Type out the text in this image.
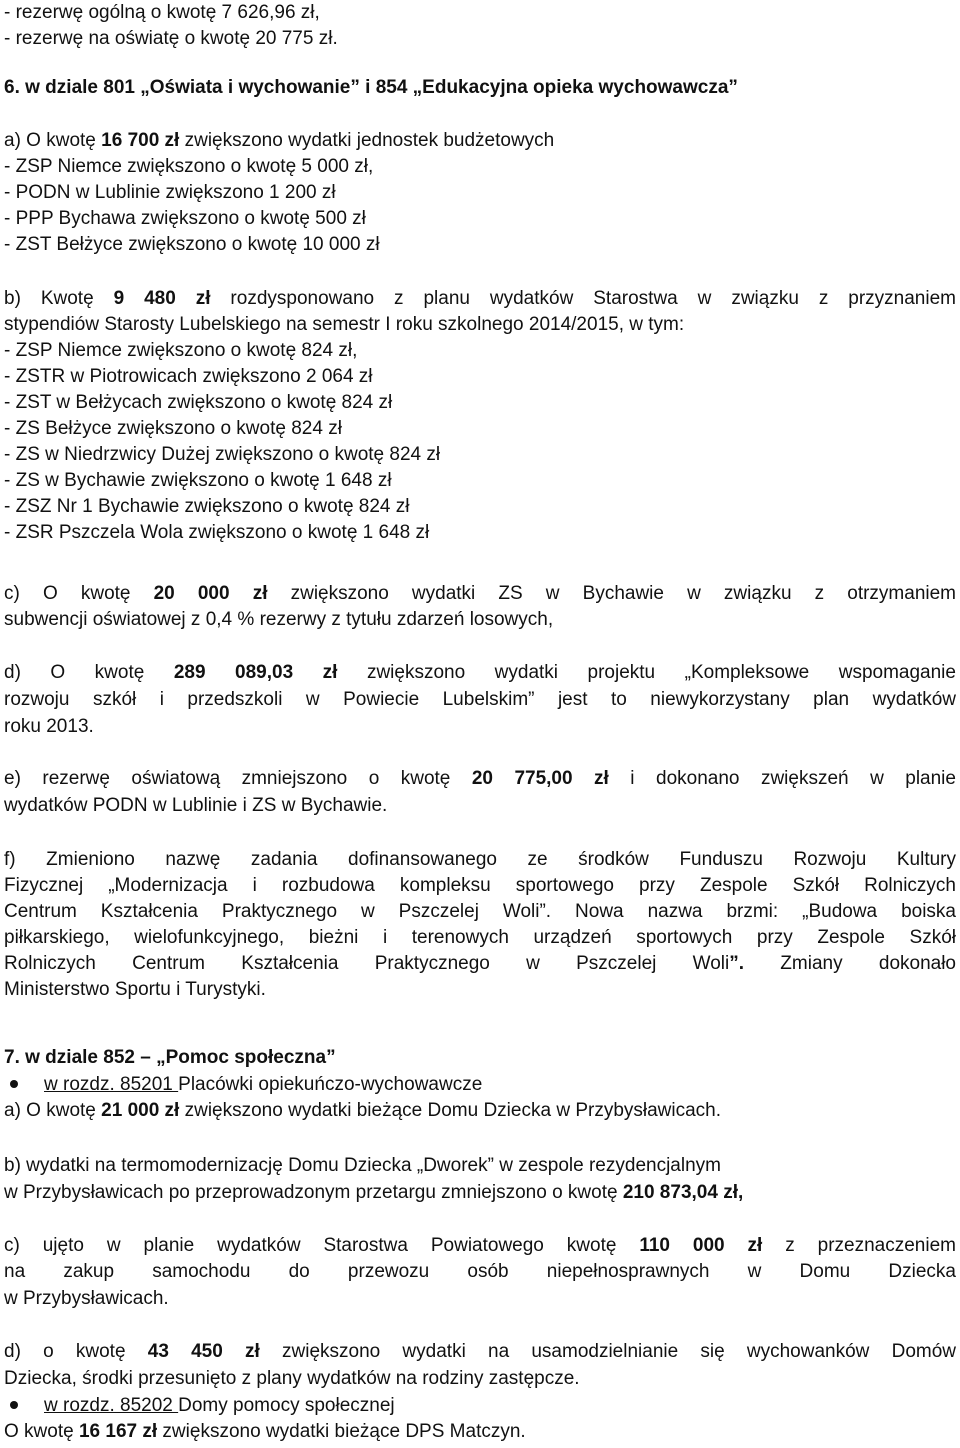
- rezerwę ogólną o kwotę 7 626,96 zł,
- rezerwę na oświatę o kwotę 20 775 zł.
6. w dziale 801 „Oświata i wychowanie” i 854 „Edukacyjna opieka wychowawcza”
a) O kwotę 16 700 zł zwiększono wydatki jednostek budżetowych
- ZSP Niemce zwiększono o kwotę 5 000 zł,
- PODN w Lublinie zwiększono 1 200 zł
- PPP Bychawa zwiększono o kwotę 500 zł
- ZST Bełżyce zwiększono o kwotę 10 000 zł
b) Kwotę 9 480 zł rozdysponowano z planu wydatków Starostwa w związku z przyznaniem
stypendiów Starosty Lubelskiego na semestr I roku szkolnego 2014/2015, w tym:
- ZSP Niemce zwiększono o kwotę 824 zł,
- ZSTR w Piotrowicach zwiększono 2 064 zł
- ZST w Bełżycach zwiększono o kwotę 824 zł
- ZS Bełżyce zwiększono o kwotę 824 zł
- ZS w Niedrzwicy Dużej zwiększono o kwotę 824 zł
- ZS w Bychawie zwiększono o kwotę 1 648 zł
- ZSZ Nr 1 Bychawie zwiększono o kwotę 824 zł
- ZSR Pszczela Wola zwiększono o kwotę 1 648 zł
c) O kwotę 20 000 zł zwiększono wydatki ZS w Bychawie w związku z otrzymaniem
subwencji oświatowej z 0,4 % rezerwy z tytułu zdarzeń losowych,
d) O kwotę 289 089,03 zł zwiększono wydatki projektu „Kompleksowe wspomaganie
rozwoju szkół i przedszkoli w Powiecie Lubelskim” jest to niewykorzystany plan wydatków
roku 2013.
e) rezerwę oświatową zmniejszono o kwotę 20 775,00 zł i dokonano zwiększeń w planie
wydatków PODN w Lublinie i ZS w Bychawie.
f) Zmieniono nazwę zadania dofinansowanego ze środków Funduszu Rozwoju Kultury
Fizycznej „Modernizacja i rozbudowa kompleksu sportowego przy Zespole Szkół Rolniczych
Centrum Kształcenia Praktycznego w Pszczelej Woli”. Nowa nazwa brzmi: „Budowa boiska
piłkarskiego, wielofunkcyjnego, bieżni i terenowych urządzeń sportowych przy Zespole Szkół
Rolniczych Centrum Kształcenia Praktycznego w Pszczelej Woli”. Zmiany dokonało
Ministerstwo Sportu i Turystyki.
7. w dziale 852 – „Pomoc społeczna”
w rozdz. 85201 Placówki opiekuńczo-wychowawcze
a) O kwotę 21 000 zł zwiększono wydatki bieżące Domu Dziecka w Przybysławicach.
b) wydatki na termomodernizację Domu Dziecka „Dworek” w zespole rezydencjalnym
w Przybysławicach po przeprowadzonym przetargu zmniejszono o kwotę 210 873,04 zł,
c) ujęto w planie wydatków Starostwa Powiatowego kwotę 110 000 zł z przeznaczeniem
na zakup samochodu do przewozu osób niepełnosprawnych w Domu Dziecka
w Przybysławicach.
d) o kwotę 43 450 zł zwiększono wydatki na usamodzielnianie się wychowanków Domów
Dziecka, środki przesunięto z plany wydatków na rodziny zastępcze.
w rozdz. 85202 Domy pomocy społecznej
O kwotę 16 167 zł zwiększono wydatki bieżące DPS Matczyn.
